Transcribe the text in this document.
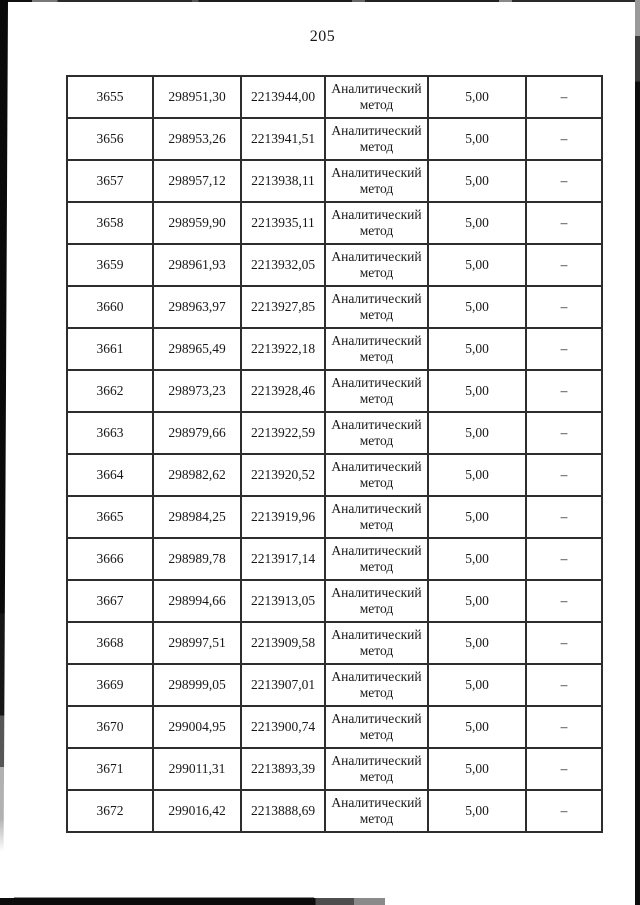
205
3655	298951,30	2213944,00	Аналитический метод	5,00	–
3656	298953,26	2213941,51	Аналитический метод	5,00	–
3657	298957,12	2213938,11	Аналитический метод	5,00	–
3658	298959,90	2213935,11	Аналитический метод	5,00	–
3659	298961,93	2213932,05	Аналитический метод	5,00	–
3660	298963,97	2213927,85	Аналитический метод	5,00	–
3661	298965,49	2213922,18	Аналитический метод	5,00	–
3662	298973,23	2213928,46	Аналитический метод	5,00	–
3663	298979,66	2213922,59	Аналитический метод	5,00	–
3664	298982,62	2213920,52	Аналитический метод	5,00	–
3665	298984,25	2213919,96	Аналитический метод	5,00	–
3666	298989,78	2213917,14	Аналитический метод	5,00	–
3667	298994,66	2213913,05	Аналитический метод	5,00	–
3668	298997,51	2213909,58	Аналитический метод	5,00	–
3669	298999,05	2213907,01	Аналитический метод	5,00	–
3670	299004,95	2213900,74	Аналитический метод	5,00	–
3671	299011,31	2213893,39	Аналитический метод	5,00	–
3672	299016,42	2213888,69	Аналитический метод	5,00	–
